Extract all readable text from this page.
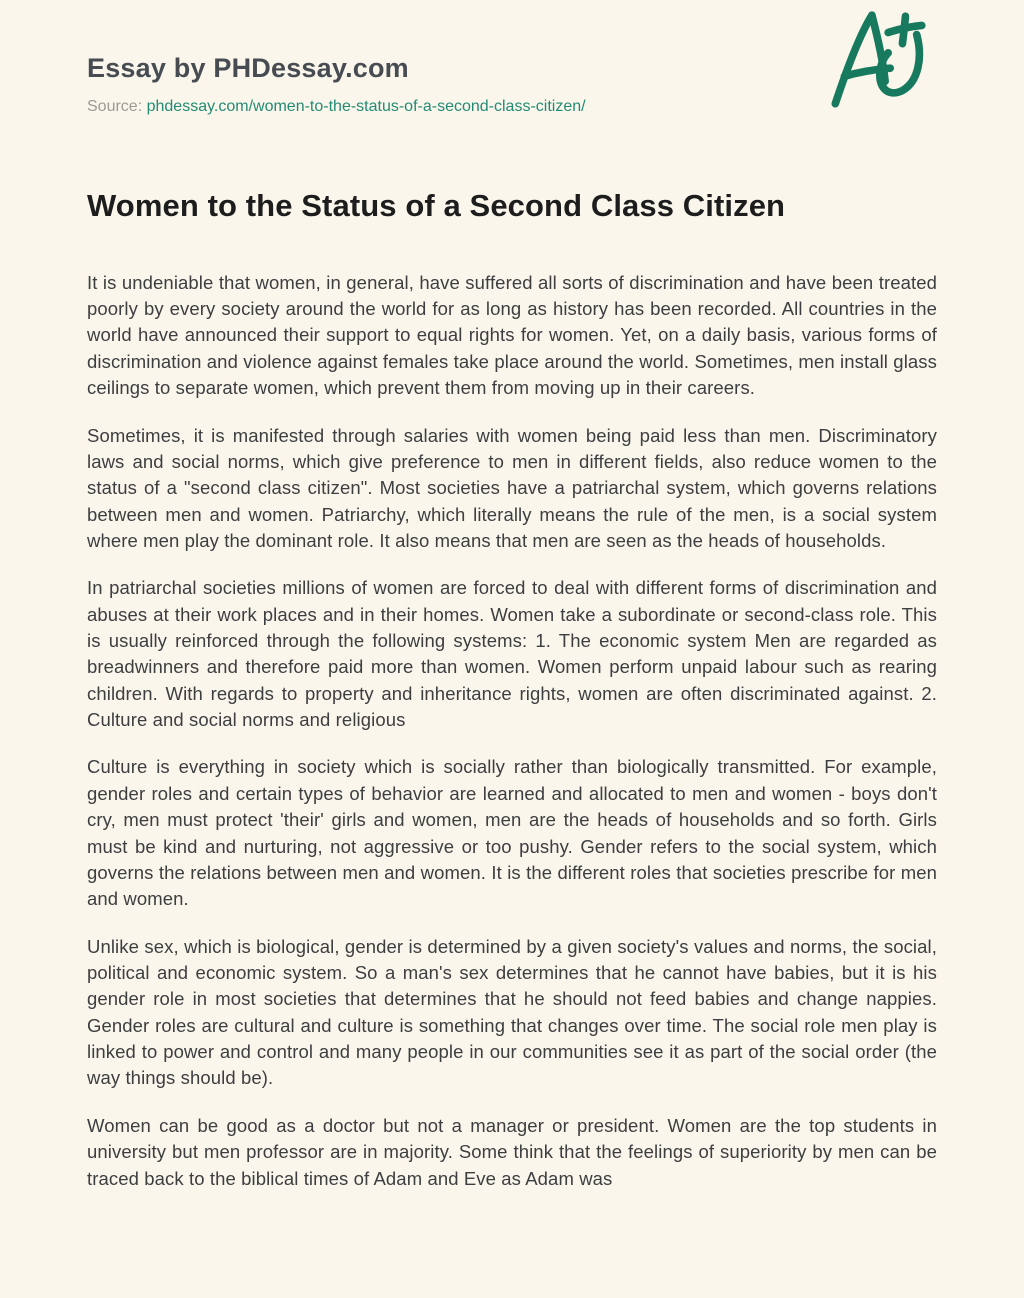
Essay by PHDessay.com
Source: phdessay.com/women-to-the-status-of-a-second-class-citizen/
Women to the Status of a Second Class Citizen

It is undeniable that women, in general, have suffered all sorts of discrimination and have been treated poorly by every society around the world for as long as history has been recorded. All countries in the world have announced their support to equal rights for women. Yet, on a daily basis, various forms of discrimination and violence against females take place around the world. Sometimes, men install glass ceilings to separate women, which prevent them from moving up in their careers.

Sometimes, it is manifested through salaries with women being paid less than men. Discriminatory laws and social norms, which give preference to men in different fields, also reduce women to the status of a "second class citizen". Most societies have a patriarchal system, which governs relations between men and women. Patriarchy, which literally means the rule of the men, is a social system where men play the dominant role. It also means that men are seen as the heads of households.

In patriarchal societies millions of women are forced to deal with different forms of discrimination and abuses at their work places and in their homes. Women take a subordinate or second-class role. This is usually reinforced through the following systems: 1. The economic system Men are regarded as breadwinners and therefore paid more than women. Women perform unpaid labour such as rearing children. With regards to property and inheritance rights, women are often discriminated against. 2. Culture and social norms and religious

Culture is everything in society which is socially rather than biologically transmitted. For example, gender roles and certain types of behavior are learned and allocated to men and women - boys don't cry, men must protect 'their' girls and women, men are the heads of households and so forth. Girls must be kind and nurturing, not aggressive or too pushy. Gender refers to the social system, which governs the relations between men and women. It is the different roles that societies prescribe for men and women.

Unlike sex, which is biological, gender is determined by a given society's values and norms, the social, political and economic system. So a man's sex determines that he cannot have babies, but it is his gender role in most societies that determines that he should not feed babies and change nappies. Gender roles are cultural and culture is something that changes over time. The social role men play is linked to power and control and many people in our communities see it as part of the social order (the way things should be).

Women can be good as a doctor but not a manager or president. Women are the top students in university but men professor are in majority. Some think that the feelings of superiority by men can be traced back to the biblical times of Adam and Eve as Adam was
